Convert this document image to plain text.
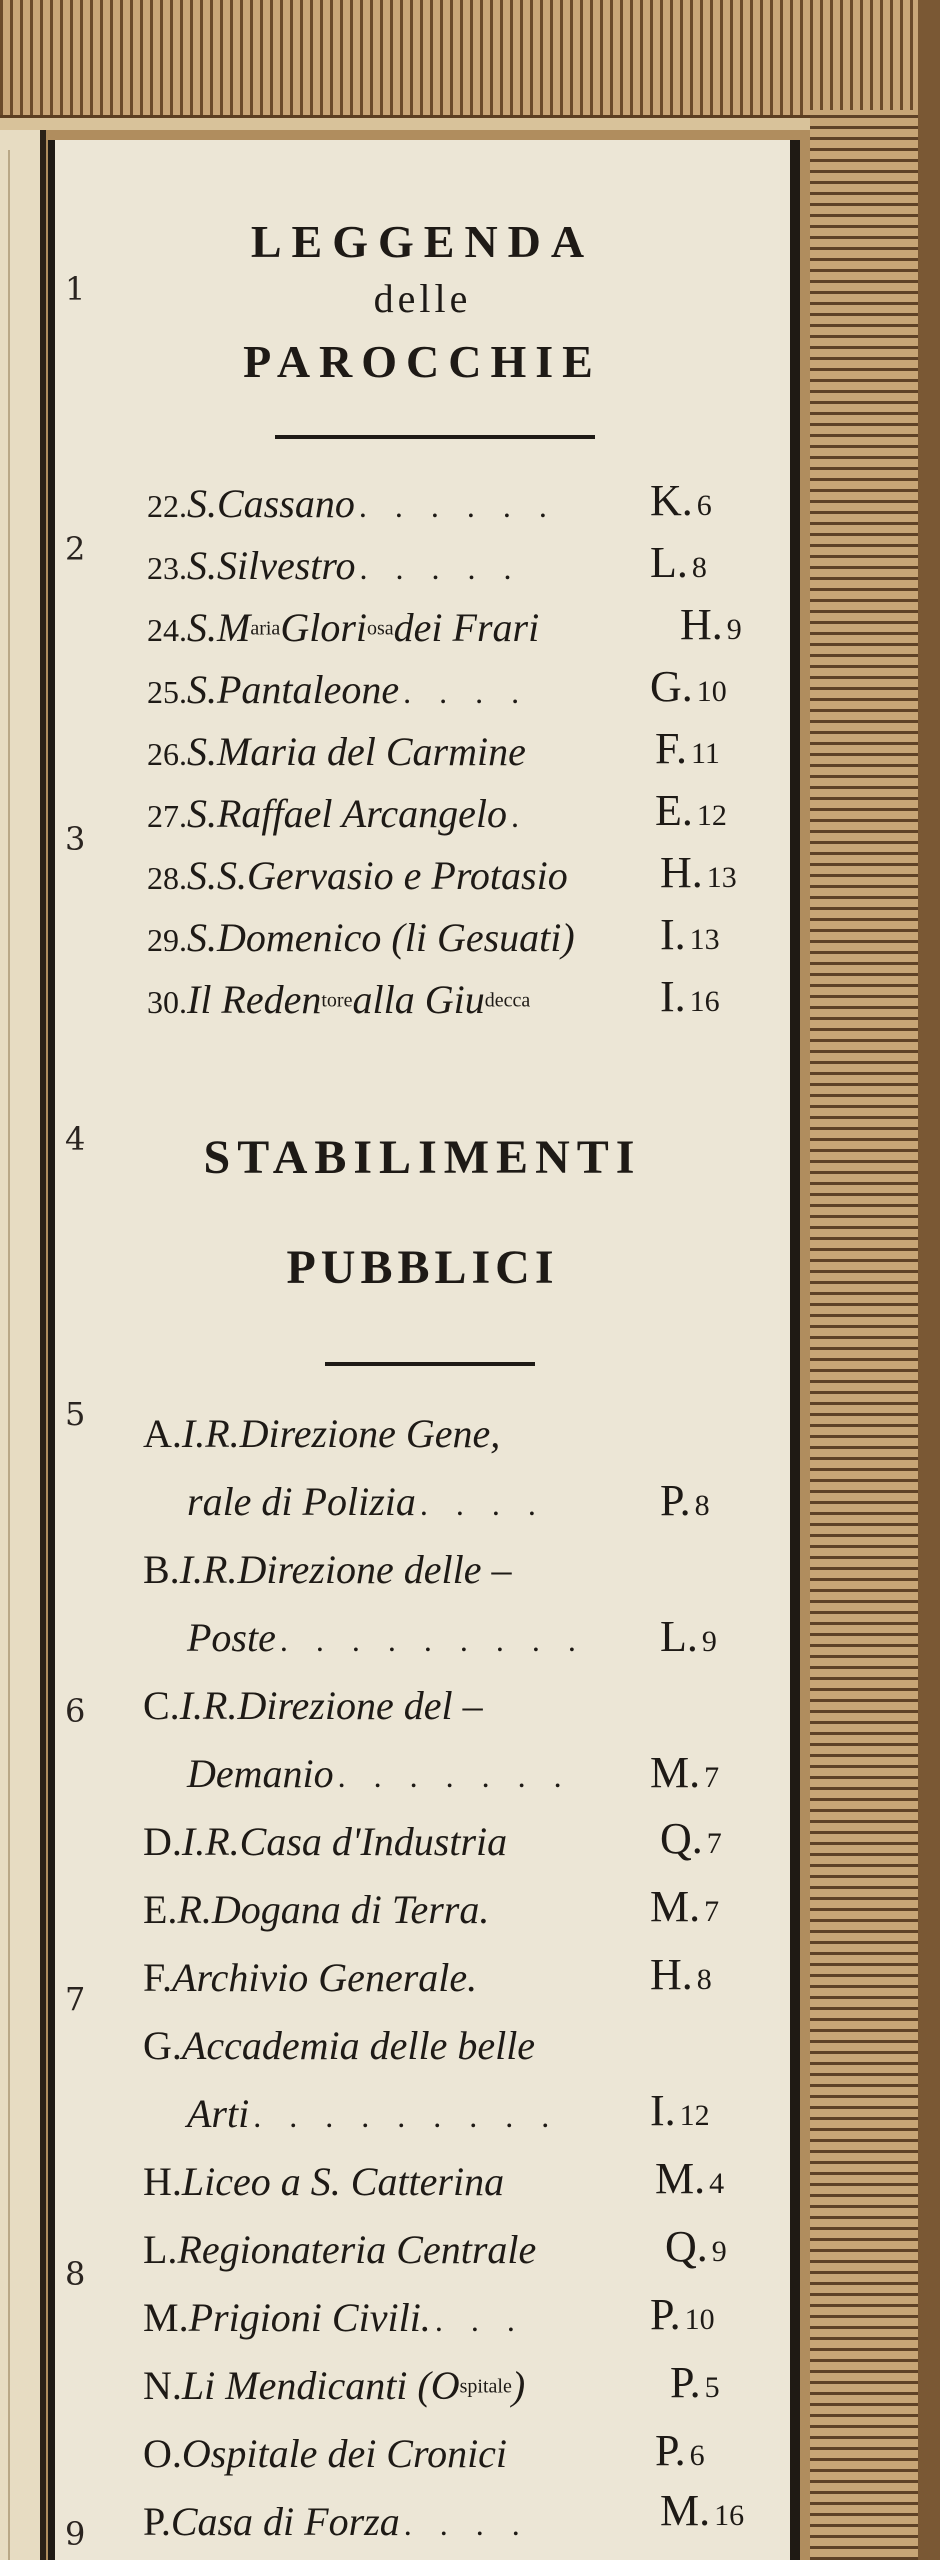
1
2
3
4
5
6
7
8
9
LEGGENDA
delle
PAROCCHIE
22.S.Cassano . . . . . . K. 6
23.S.Silvestro . . . . .	L. 8
24.S.MariaGloriosadei Frari	H. 9
25.S.Pantaleone . . . .	G. 10
26.S.Maria del Carmine	F. 11
27.S.Raffael Arcangelo .	E. 12
28.S.S.Gervasio e Protasio H. 13
29.S.Domenico (li Gesuati) I. 13
30.Il Redentorealla Giudecca	I. 16
STABILIMENTI
PUBBLICI
A.I.R.Direzione Gene,
rale di Polizia . . . .	P. 8
B.I.R.Direzione delle –
Poste . . . . . . . . . L. 9
C.I.R.Direzione del –
Demanio . . . . . . . M. 7
D.I.R.Casa d'Industria	Q. 7
E.R.Dogana di Terra.	M. 7
F.Archivio Generale.	H. 8
G.Accademia delle belle
Arti . . . . . . . . . I. 12
H.Liceo a S. Catterina	M. 4
L.Regionateria Centrale	Q. 9
M.Prigioni Civili. . . .	P. 10
N.Li Mendicanti (Ospitale)	P. 5
O.Ospitale dei Cronici	P. 6
P.Casa di Forza . . . .	M. 16
